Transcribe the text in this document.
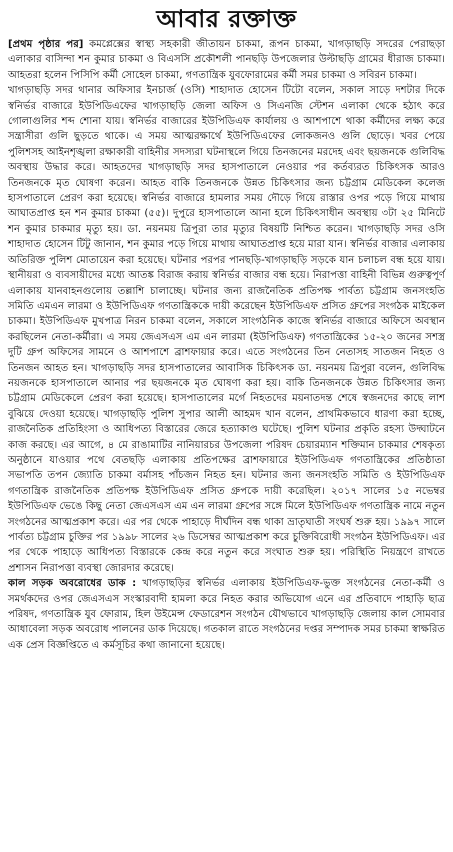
আবার রক্তাক্ত

[প্রথম পৃষ্ঠার পর] কমপ্লেক্সের স্বাস্থ্য সহকারী জীতায়ন চাকমা, রূপন চাকমা, খাগড়াছড়ি সদরের পেরাছড়া এলাকার বাসিন্দা শন কুমার চাকমা ও বিএসসি প্রকৌশলী পানছড়ি উপজেলার উল্টাছড়ি গ্রামের ধীরাজ চাকমা। আহতরা হলেন পিসিপি কর্মী সোহেল চাকমা, গণতান্ত্রিক যুবফোরামের কর্মী সমর চাকমা ও সবিরন চাকমা।

খাগড়াছড়ি সদর থানার অফিসার ইনচার্জ (ওসি) শাহাদাত হোসেন টিটো বলেন, সকাল সাড়ে দশটার দিকে স্বনির্ভর বাজারে ইউপিডিএফের খাগড়াছড়ি জেলা অফিস ও সিএনজি স্টেশন এলাকা থেকে হঠাৎ করে গোলাগুলির শব্দ শোনা যায়। স্বনির্ভর বাজারের ইউপিডিএফ কার্যালয় ও আশপাশে থাকা কর্মীদের লক্ষ্য করে সন্ত্রাসীরা গুলি ছুড়তে থাকে। এ সময় আত্মরক্ষার্থে ইউপিডিএফের লোকজনও গুলি ছোড়ে। খবর পেয়ে পুলিশসহ আইনশৃঙ্খলা রক্ষাকারী বাহিনীর সদস্যরা ঘটনাস্থলে গিয়ে তিনজনের মরদেহ এবং ছয়জনকে গুলিবিদ্ধ অবস্থায় উদ্ধার করে। আহতদের খাগড়াছড়ি সদর হাসপাতালে নেওয়ার পর কর্তব্যরত চিকিৎসক আরও তিনজনকে মৃত ঘোষণা করেন। আহত বাকি তিনজনকে উন্নত চিকিৎসার জন্য চট্টগ্রাম মেডিকেল কলেজ হাসপাতালে প্রেরণ করা হয়েছে। স্বনির্ভর বাজারে হামলার সময় দৌড়ে গিয়ে রাস্তার ওপর পড়ে গিয়ে মাথায় আঘাতপ্রাপ্ত হন শন কুমার চাকমা (৫৫)। দুপুরে হাসপাতালে আনা হলে চিকিৎসাধীন অবস্থায় ৩টা ২৫ মিনিটে শন কুমার চাকমার মৃত্যু হয়। ডা. নয়নময় ত্রিপুরা তার মৃত্যুর বিষয়টি নিশ্চিত করেন। খাগড়াছড়ি সদর ওসি শাহাদাত হোসেন টিটু জানান, শন কুমার পড়ে গিয়ে মাথায় আঘাতপ্রাপ্ত হয়ে মারা যান। স্বনির্ভর বাজার এলাকায় অতিরিক্ত পুলিশ মোতায়েন করা হয়েছে। ঘটনার পরপর পানছড়ি-খাগড়াছড়ি সড়কে যান চলাচল বন্ধ হয়ে যায়। স্থানীয়রা ও ব্যবসায়ীদের মধ্যে আতঙ্ক বিরাজ করায় স্বনির্ভর বাজার বন্ধ হয়ে। নিরাপত্তা বাহিনী বিভিন্ন গুরুত্বপূর্ণ এলাকায় যানবাহনগুলোয় তল্লাশি চালাচ্ছে। ঘটনার জন্য রাজনৈতিক প্রতিপক্ষ পার্বত্য চট্টগ্রাম জনসংহতি সমিতি এমএন লারমা ও ইউপিডিএফ গণতান্ত্রিককে দায়ী করেছেন ইউপিডিএফ প্রসিত গ্রুপের সংগঠক মাইকেল চাকমা। ইউপিডিএফ মুখপাত্র নিরন চাকমা বলেন, সকালে সাংগঠনিক কাজে স্বনির্ভর বাজারে অফিসে অবস্থান করছিলেন নেতা-কর্মীরা। এ সময় জেএসএস এম এন লারমা (ইউপিডিএফ) গণতান্ত্রিকের ১৫-২০ জনের সশস্ত্র দুটি গ্রুপ অফিসের সামনে ও আশপাশে ব্রাশফায়ার করে। এতে সংগঠনের তিন নেতাসহ সাতজন নিহত ও তিনজন আহত হন। খাগড়াছড়ি সদর হাসপাতালের আবাসিক চিকিৎসক ডা. নয়নময় ত্রিপুরা বলেন, গুলিবিদ্ধ নয়জনকে হাসপাতালে আনার পর ছয়জনকে মৃত ঘোষণা করা হয়। বাকি তিনজনকে উন্নত চিকিৎসার জন্য চট্টগ্রাম মেডিকেলে প্রেরণ করা হয়েছে। হাসপাতালের মর্গে নিহতদের ময়নাতদন্ত শেষে স্বজনদের কাছে লাশ বুঝিয়ে দেওয়া হয়েছে। খাগড়াছড়ি পুলিশ সুপার আলী আহমদ খান বলেন, প্রাথমিকভাবে ধারণা করা হচ্ছে, রাজনৈতিক প্রতিহিংসা ও আধিপত্য বিস্তারের জেরে হত্যাকাণ্ড ঘটেছে। পুলিশ ঘটনার প্রকৃতি রহস্য উদ্ঘাটনে কাজ করছে। এর আগে, ৪ মে রাঙামাটির নানিয়ারচর উপজেলা পরিষদ চেয়ারম্যান শক্তিমান চাকমার শেষকৃত্য অনুষ্ঠানে যাওয়ার পথে বেতছড়ি এলাকায় প্রতিপক্ষের ব্রাশফায়ারে ইউপিডিএফ গণতান্ত্রিকের প্রতিষ্ঠাতা সভাপতি তপন জ্যোতি চাকমা বর্মাসহ পাঁচজন নিহত হন। ঘটনার জন্য জনসংহতি সমিতি ও ইউপিডিএফ গণতান্ত্রিক রাজনৈতিক প্রতিপক্ষ ইউপিডিএফ প্রসিত গ্রুপকে দায়ী করেছিল। ২০১৭ সালের ১৫ নভেম্বর ইউপিডিএফ ভেঙে কিছু নেতা জেএসএস এম এন লারমা গ্রুপের সঙ্গে মিলে ইউপিডিএফ গণতান্ত্রিক নামে নতুন সংগঠনের আত্মপ্রকাশ করে। এর পর থেকে পাহাড়ে দীর্ঘদিন বন্ধ থাকা ভ্রাতৃঘাতী সংঘর্ষ শুরু হয়। ১৯৯৭ সালে পার্বত্য চট্টগ্রাম চুক্তির পর ১৯৯৮ সালের ২৬ ডিসেম্বর আত্মপ্রকাশ করে চুক্তিবিরোধী সংগঠন ইউপিডিএফ। এর পর থেকে পাহাড়ে আধিপত্য বিস্তারকে কেন্দ্র করে নতুন করে সংঘাত শুরু হয়। পরিস্থিতি নিয়ন্ত্রণে রাখতে প্রশাসন নিরাপত্তা ব্যবস্থা জোরদার করেছে।

কাল সড়ক অবরোধের ডাক : খাগড়াছড়ির স্বনির্ভর এলাকায় ইউপিডিএফ-ভুক্ত সংগঠনের নেতা-কর্মী ও সমর্থকদের ওপর জেএসএস সংস্কারবাদী হামলা করে নিহত করার অভিযোগ এনে এর প্রতিবাদে পাহাড়ি ছাত্র পরিষদ, গণতান্ত্রিক যুব ফোরাম, হিল উইমেন্স ফেডারেশন সংগঠন যৌথভাবে খাগড়াছড়ি জেলায় কাল সোমবার আধাবেলা সড়ক অবরোধ পালনের ডাক দিয়েছে। গতকাল রাতে সংগঠনের দপ্তর সম্পাদক সমর চাকমা স্বাক্ষরিত এক প্রেস বিজ্ঞপ্তিতে এ কর্মসূচির কথা জানানো হয়েছে।
